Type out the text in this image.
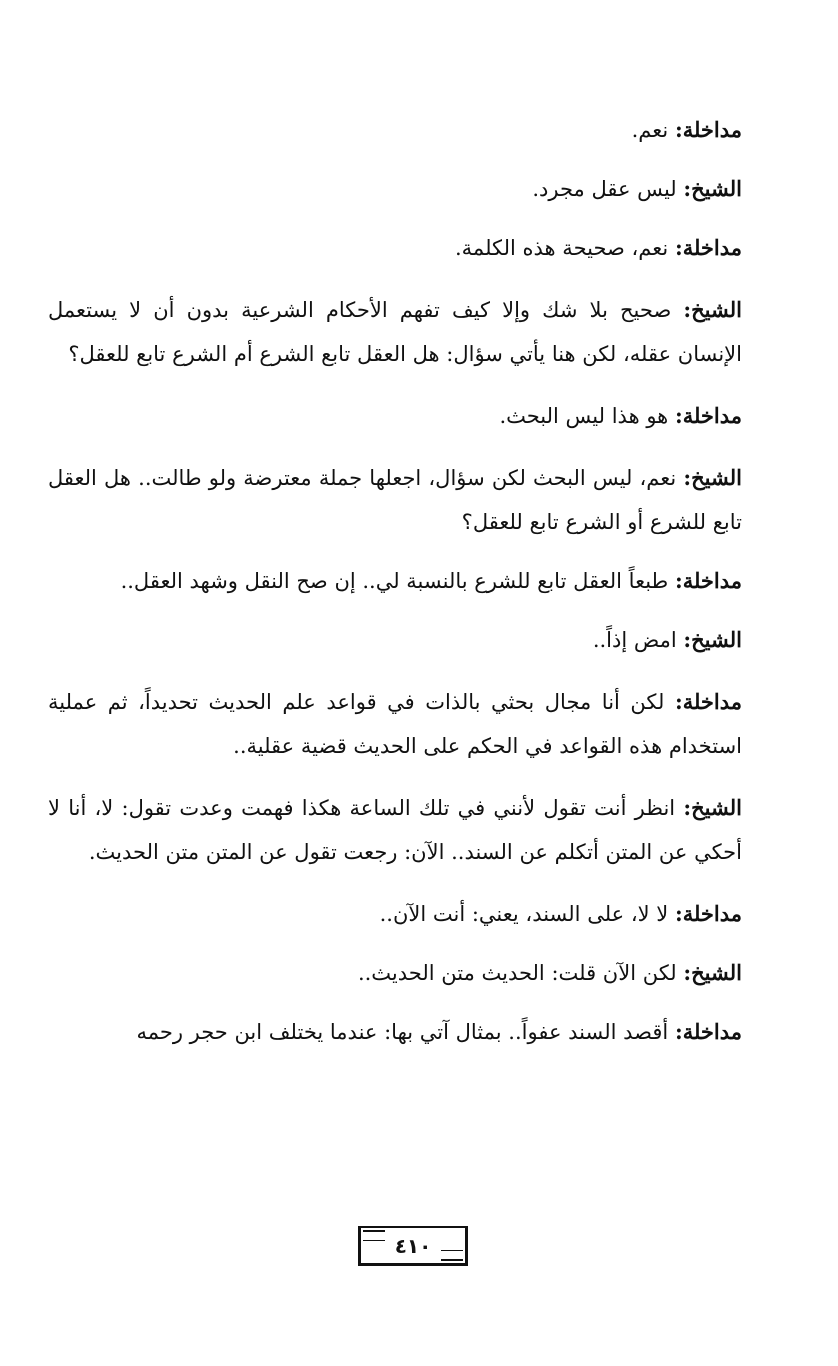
مداخلة: نعم.

الشيخ: ليس عقل مجرد.

مداخلة: نعم، صحيحة هذه الكلمة.

الشيخ: صحيح بلا شك وإلا كيف تفهم الأحكام الشرعية بدون أن لا يستعمل الإنسان عقله، لكن هنا يأتي سؤال: هل العقل تابع الشرع أم الشرع تابع للعقل؟

مداخلة: هو هذا ليس البحث.

الشيخ: نعم، ليس البحث لكن سؤال، اجعلها جملة معترضة ولو طالت.. هل العقل تابع للشرع أو الشرع تابع للعقل؟

مداخلة: طبعاً العقل تابع للشرع بالنسبة لي.. إن صح النقل وشهد العقل..

الشيخ: امض إذاً..

مداخلة: لكن أنا مجال بحثي بالذات في قواعد علم الحديث تحديداً، ثم عملية استخدام هذه القواعد في الحكم على الحديث قضية عقلية..

الشيخ: انظر أنت تقول لأنني في تلك الساعة هكذا فهمت وعدت تقول: لا، أنا لا أحكي عن المتن أتكلم عن السند.. الآن: رجعت تقول عن المتن متن الحديث.

مداخلة: لا لا، على السند، يعني: أنت الآن..

الشيخ: لكن الآن قلت: الحديث متن الحديث..

مداخلة: أقصد السند عفواً.. بمثال آتي بها: عندما يختلف ابن حجر رحمه

٤١٠
